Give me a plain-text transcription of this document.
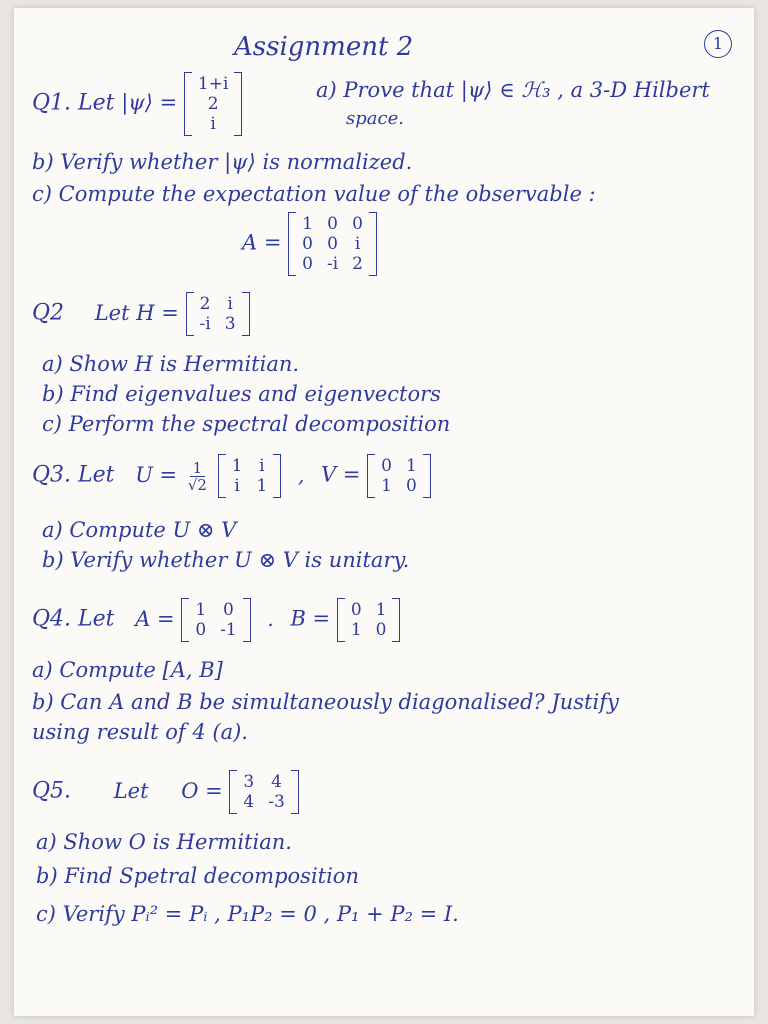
Assignment 2	1
Q1. Let |ψ⟩ =
1+i
2
i
a) Prove that |ψ⟩ ∈ ℋ₃ , a 3-D Hilbert
space.
b) Verify whether |ψ⟩ is normalized.
c) Compute the expectation value of the observable :
A =
1 0 0
0 0 i
0 -i 2
Q2 Let H = 2 i
-i 3
a) Show H is Hermitian.
b) Find eigenvalues and eigenvectors
c) Perform the spectral decomposition
Q3. Let $U = \frac{1}{√2}$
1 i
i 1 , V = 0 1
1 0
a) Compute U ⊗ V
b) Verify whether U ⊗ V is unitary.
Q4. Let A = 1 0
0 -1 . B = 0 1
1 0
a) Compute [A, B]
b) Can A and B be simultaneously diagonalised? Justify
using result of 4 (a).
Q5. Let O = 3 4
4 -3
a) Show O is Hermitian.
b) Find Spetral decomposition
c) Verify Pᵢ² = Pᵢ , P₁P₂ = 0 , P₁ + P₂ = I.
